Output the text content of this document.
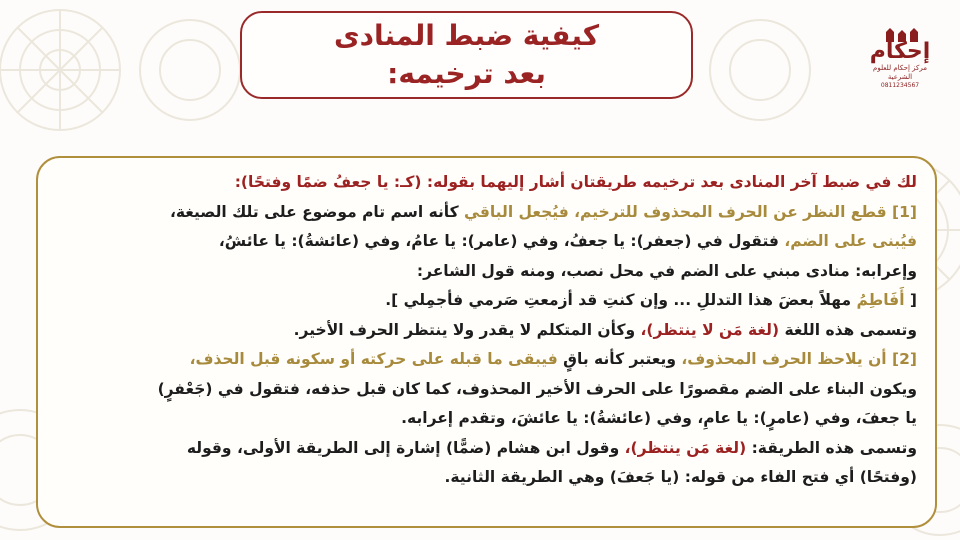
كيفية ضبط المنادى
بعد ترخيمه:
إحكام
مركز إحكام للعلوم الشرعية
0811234567
لك في ضبط آخر المنادى بعد ترخيمه طريقتان أشار إليهما بقوله: (كـ: يا جعفُ ضمًا وفتحًا):
[1] قطع النظر عن الحرف المحذوف للترخيم، فيُجعل الباقي كأنه اسم تام موضوع على تلك الصيغة،
فيُبنى على الضم، فتقول في (جعفر): يا جعفُ، وفي (عامر): يا عامُ، وفي (عائشةُ): يا عائشُ،
وإعرابه: منادى مبني على الضم في محل نصب، ومنه قول الشاعر:
[ أَفَاطِمُ مهلاً بعضَ هذا التدللِ ... وإن كنتِ قد أزمعتِ صَرمي فأجمِلي ].
وتسمى هذه اللغة (لغة مَن لا ينتظر)، وكأن المتكلم لا يقدر ولا ينتظر الحرف الأخير.
[2] أن يلاحظ الحرف المحذوف، ويعتبر كأنه باقٍ فيبقى ما قبله على حركته أو سكونه قبل الحذف،
ويكون البناء على الضم مقصورًا على الحرف الأخير المحذوف، كما كان قبل حذفه، فتقول في (جَعْفرٍ)
يا جعفَ، وفي (عامرٍ): يا عامِ، وفي (عائشةُ): يا عائشَ، وتقدم إعرابه.
وتسمى هذه الطريقة: (لغة مَن ينتظر)، وقول ابن هشام (ضمًّا) إشارة إلى الطريقة الأولى، وقوله
(وفتحًا) أي فتح الفاء من قوله: (يا جَعفَ) وهي الطريقة الثانية.
